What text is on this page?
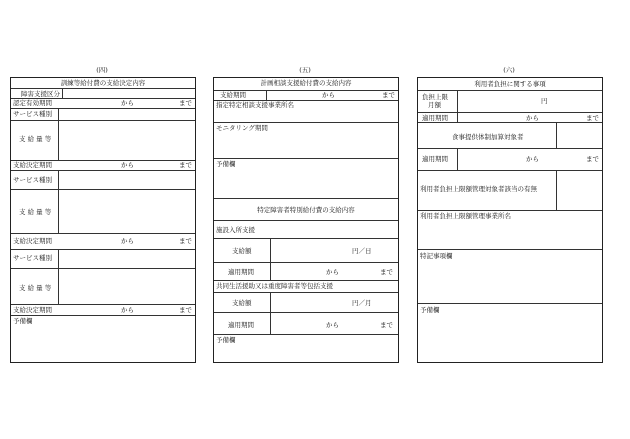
(四)	(五)	(六)
訓練等給付費の支給決定内容
障害支援区分
認定有効期間	から	まで
サービス種別
支 給 量 等
支給決定期間	から	まで
サービス種別
支 給 量 等
支給決定期間	から	まで
サービス種別
支 給 量 等
支給決定期間	から	まで
予備欄
計画相談支援給付費の支給内容
支給期間	から	まで
指定特定相談支援事業所名
モニタリング期間
予備欄
特定障害者特別給付費の支給内容
施設入所支援
支給額	円／日
適用期間	から	まで
共同生活援助又は重度障害者等包括支援
支給額	円／月
適用期間	から	まで
予備欄
利用者負担に関する事項
負担上限
月額	円
適用期間	から	まで
食事提供体制加算対象者
適用期間	から	まで
利用者負担上限額管理対象者該当の有無
利用者負担上限額管理事業所名
特記事項欄
予備欄
